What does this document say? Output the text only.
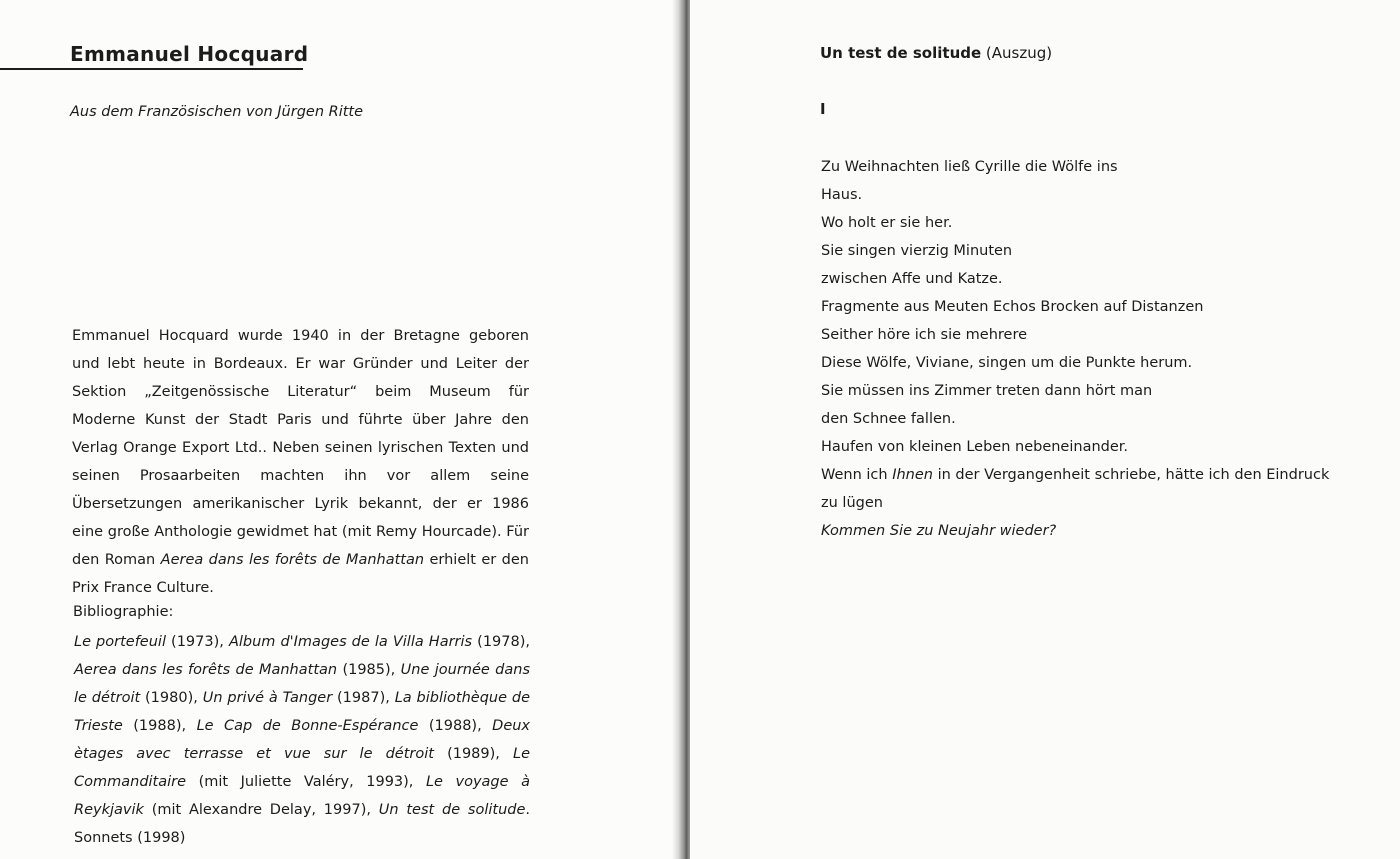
Emmanuel Hocquard
Aus dem Französischen von Jürgen Ritte

Emmanuel Hocquard wurde 1940 in der Bretagne geboren und lebt heute in Bordeaux. Er war Gründer und Leiter der Sektion „Zeitgenössische Literatur“ beim Museum für Moderne Kunst der Stadt Paris und führte über Jahre den Verlag Orange Export Ltd.. Neben seinen lyrischen Texten und seinen Prosaarbeiten machten ihn vor allem seine Übersetzungen amerikanischer Lyrik bekannt, der er 1986 eine große Anthologie gewidmet hat (mit Remy Hourcade). Für den Roman Aerea dans les forêts de Manhattan erhielt er den Prix France Culture.

Bibliographie:

Le portefeuil (1973), Album d'Images de la Villa Harris (1978), Aerea dans les forêts de Manhattan (1985), Une journée dans le détroit (1980), Un privé à Tanger (1987), La bibliothèque de Trieste (1988), Le Cap de Bonne-Espérance (1988), Deux ètages avec terrasse et vue sur le détroit (1989), Le Commanditaire (mit Juliette Valéry, 1993), Le voyage à Reykjavik (mit Alexandre Delay, 1997), Un test de solitude. Sonnets (1998)

Un test de solitude (Auszug)
I
Zu Weihnachten ließ Cyrille die Wölfe ins
Haus.
Wo holt er sie her.
Sie singen vierzig Minuten
zwischen Affe und Katze.
Fragmente aus Meuten Echos Brocken auf Distanzen
Seither höre ich sie mehrere
Diese Wölfe, Viviane, singen um die Punkte herum.
Sie müssen ins Zimmer treten dann hört man
den Schnee fallen.
Haufen von kleinen Leben nebeneinander.
Wenn ich Ihnen in der Vergangenheit schriebe, hätte ich den Eindruck
zu lügen
Kommen Sie zu Neujahr wieder?
